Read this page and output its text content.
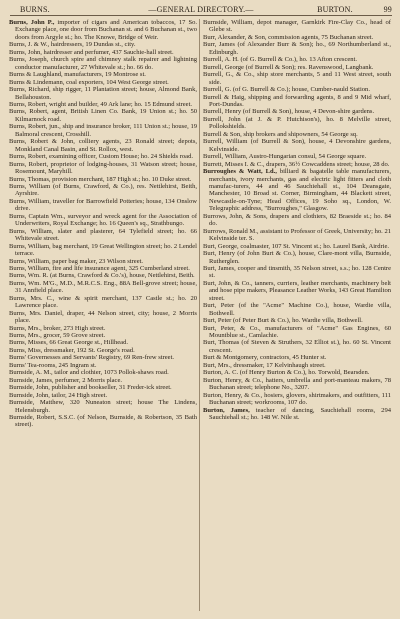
BURNS.	—GENERAL DIRECTORY.—	BURTON.	99

Burns, John P., importer of cigars and American tobaccos, 17 So. Exchange place, one door from Buchanan st. and 6 Buchanan st., two doors from Argyle st.; ho. The Knowe, Bridge of Weir.

Burns, J. & W., hairdressers, 19 Dundas st., city.

Burns, John, hairdresser and perfumer, 437 Sauchie-hall street.

Burns, Joseph, church spire and chimney stalk repairer and lightning conductor manufacturer, 27 Whitevale st.; ho. 66 do.

Burns & Laughland, manufacturers, 19 Montrose st.

Burns & Lindemann, coal exporters, 104 West George street.

Burns, Richard, ship rigger, 11 Plantation street; house, Almond Bank, Bellahouston.

Burns, Robert, wright and builder, 49 Ark lane; ho. 15 Edmund street.

Burns, Robert, agent, British Linen Co. Bank, 19 Union st.; ho. 50 Kilmarnock road.

Burns, Robert, jun., ship and insurance broker, 111 Union st.; house, 19 Balmoral crescent, Crosshill.

Burns, Robert & John, colliery agents, 23 Ronald street; depots, Monkland Canal Basin, and St. Rollox, west.

Burns, Robert, examining officer, Custom House; ho. 24 Shields road.

Burns, Robert, proprietor of lodging-houses, 31 Watson street; house, Rosemount, Maryhill.

Burns, Thomas, provision merchant, 187 High st.; ho. 10 Duke street.

Burns, William (of Burns, Crawford, & Co.), res. Nettlehirst, Beith, Ayrshire.

Burns, William, traveller for Barrowfield Potteries; house, 134 Onslow drive.

Burns, Captain Wm., surveyor and wreck agent for the Association of Underwriters, Royal Exchange; ho. 16 Queen's sq., Strathbungo.

Burns, William, slater and plasterer, 64 Tylefield street; ho. 66 Whitevale street.

Burns, William, bag merchant, 19 Great Wellington street; ho. 2 Lendel terrace.

Burns, William, paper bag maker, 23 Wilson street.

Burns, William, fire and life insurance agent, 325 Cumberland street.

Burns, Wm. R. (at Burns, Crawford & Co.'s), house, Nettlehirst, Beith.

Burns, Wm. M'G., M.D., M.R.C.S. Eng., 88A Bell-grove street; house, 31 Annfield place.

Burns, Mrs. C., wine & spirit merchant, 137 Castle st.; ho. 20 Lawrence place.

Burns, Mrs. Daniel, draper, 44 Nelson street, city; house, 2 Morris place.

Burns, Mrs., broker, 273 High street.

Burns, Mrs., grocer, 59 Grove street.

Burns, Misses, 66 Great George st., Hillhead.

Burns, Miss, dressmaker, 192 St. George's road.

Burns' Governesses and Servants' Registry, 69 Ren-frew street.

Burns' Tea-rooms, 245 Ingram st.

Burnside, A. M., tailor and clothier, 1073 Pollok-shaws road.

Burnside, James, perfumer, 2 Morris place.

Burnside, John, publisher and bookseller, 31 Freder-ick street.

Burnside, John, tailor, 24 High street.

Burnside, Matthew, 320 Nuneaton street; house The Lindens, Helensburgh.

Burnside, Robert, S.S.C. (of Nelson, Burnside, & Robertson, 35 Bath street).

Burnside, William, depot manager, Garnkirk Fire-Clay Co., head of Glebe st.

Burr, Alexander, & Son, commission agents, 75 Buchanan street.

Burr, James (of Alexander Burr & Son); ho., 69 Northumberland st., Edinburgh.

Burrell, A. H. (of G. Burrell & Co.), ho. 13 Afton crescent.

Burrell, George (of Burrell & Son); res. Ravenswood, Langbank.

Burrell, G., & Co., ship store merchants, 5 and 11 West street, south side.

Burrell, G. (of G. Burrell & Co.); house, Cumber-nauld Station.

Burrell & Haig, shipping and forwarding agents, 8 and 9 Mid wharf, Port-Dundas.

Burrell, Henry (of Burrell & Son), house, 4 Devon-shire gardens.

Burrell, John (at J. & P. Hutchison's), ho. 8 Melville street, Pollokshields.

Burrell & Son, ship brokers and shipowners, 54 George sq.

Burrell, William (of Burrell & Son), house, 4 Devonshire gardens, Kelvinside.

Burrell, William, Austro-Hungarian consul, 54 George square.

Burrett, Misses I. & C., drapers, 36½ Cowcaddens street; house, 28 do.

Burroughes & Watt, Ld., billiard & bagatelle table manufacturers, merchants, ivory merchants, gas and electric light fitters and cloth manufac-turers, 44 and 46 Sauchiehall st., 104 Deansgate, Manchester, 10 Broad st. Corner, Birmingham, 44 Blackett street, Newcastle-on-Tyne; Head Offices, 19 Soho sq., London, W. Telegraphic address, "Burroughes," Glasgow.

Burrows, John, & Sons, drapers and clothiers, 82 Braeside st.; ho. 84 do.

Burrows, Ronald M., assistant to Professor of Greek, University; ho. 21 Kelvinside ter. S.

Burt, George, coalmaster, 107 St. Vincent st.; ho. Laurel Bank, Airdrie.

Burt, Henry (of John Burt & Co.), house, Clare-mont villa, Burnside, Rutherglen.

Burt, James, cooper and tinsmith, 35 Nelson street, s.s.; ho. 128 Centre st.

Burt, John, & Co., tanners, curriers, leather merchants, machinery belt and hose pipe makers, Pleasance Leather Works, 143 Great Hamilton street.

Burt, Peter (of the "Acme" Machine Co.), house, Wardie villa, Bothwell.

Burt, Peter (of Peter Burt & Co.), ho. Wardie villa, Bothwell.

Burt, Peter, & Co., manufacturers of "Acme" Gas Engines, 60 Mountblue st., Camlachie.

Burt, Thomas (of Steven & Struthers, 32 Elliot st.), ho. 60 St. Vincent crescent.

Burt & Montgomery, contractors, 45 Hunter st.

Burt, Mrs., dressmaker, 17 Kelvinhaugh street.

Burton, A. C. (of Henry Burton & Co.), ho. Torwold, Bearsden.

Burton, Henry, & Co., hatters, umbrella and port-manteau makers, 78 Buchanan street; telephone No., 3207.

Burton, Henry, & Co., hosiers, glovers, shirtmakers, and outfitters, 111 Buchanan street; workrooms, 107 do.

Burton, James, teacher of dancing, Sauchiehall rooms, 294 Sauchiehall st.; ho. 148 W. Nile st.
